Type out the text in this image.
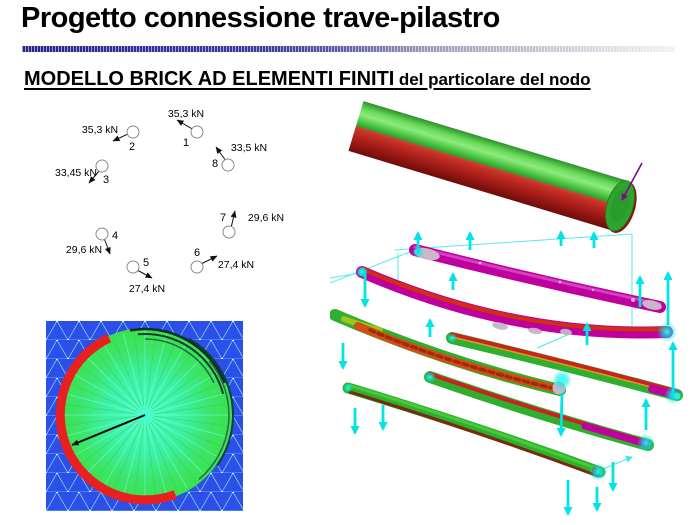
Progetto connessione trave-pilastro

MODELLO BRICK AD ELEMENTI FINITI del particolare del nodo

1
35,3 kN
2
35,3 kN
3
33,45 kN
4
29,6 kN
5
27,4 kN
6
27,4 kN
7 29,6 kN
8
33,5 kN
